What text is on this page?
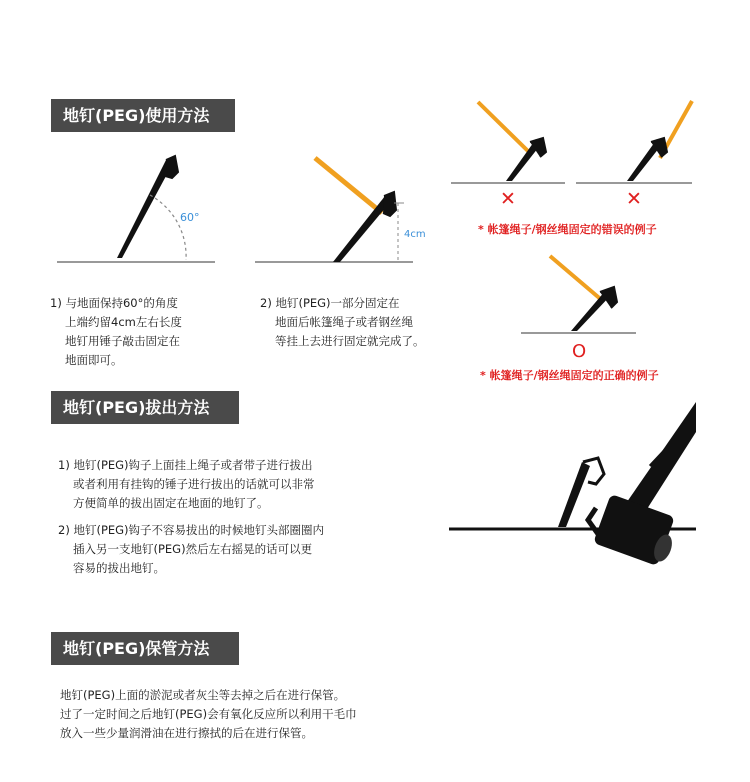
60°
4cm
✕	✕
O
地钉(PEG)使用方法
地钉(PEG)拔出方法
地钉(PEG)保管方法
1) 与地面保持60°的角度
上端约留4cm左右长度
地钉用锤子敲击固定在
地面即可。
2) 地钉(PEG)一部分固定在
地面后帐篷绳子或者钢丝绳
等挂上去进行固定就完成了。
* 帐篷绳子/钢丝绳固定的错误的例子
* 帐篷绳子/钢丝绳固定的正确的例子
1) 地钉(PEG)钩子上面挂上绳子或者带子进行拔出
或者利用有挂钩的锤子进行拔出的话就可以非常
方便简单的拔出固定在地面的地钉了。
2) 地钉(PEG)钩子不容易拔出的时候地钉头部圈圈内
插入另一支地钉(PEG)然后左右摇晃的话可以更
容易的拔出地钉。
地钉(PEG)上面的淤泥或者灰尘等去掉之后在进行保管。
过了一定时间之后地钉(PEG)会有氧化反应所以利用干毛巾
放入一些少量润滑油在进行擦拭的后在进行保管。
